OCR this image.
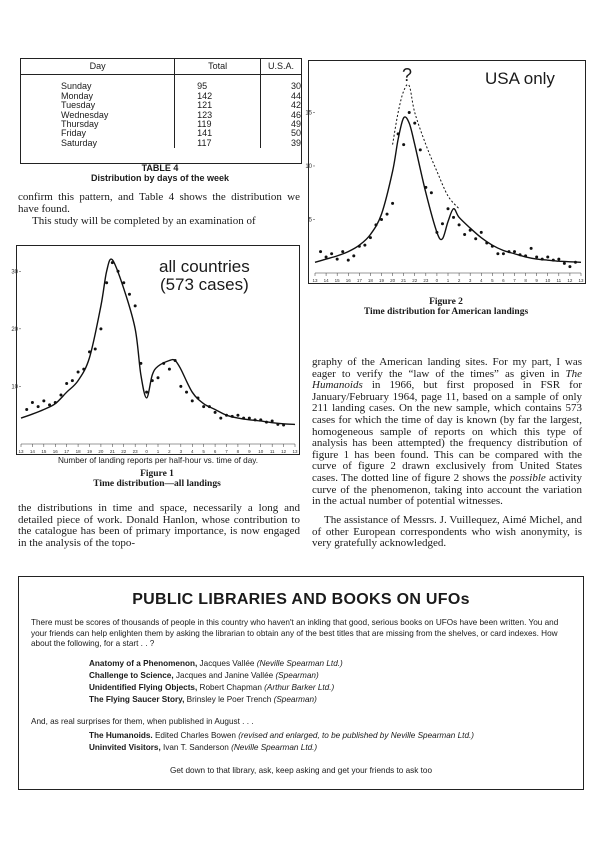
Day	Total	U.S.A.
Sunday	95	30
Monday	142	44
Tuesday	121	42
Wednesday	123	46
Thursday	119	49
Friday	141	50
Saturday	117	39
TABLE 4
Distribution by days of the week
confirm this pattern, and Table 4 shows the distribution we have found.
This study will be completed by an examination of
13 14 15 16 17 18 19 20 21 22 23 0 1 2 3 4 5 6 7 8 9 10 11 12 13
10
20
30	all countries
(573 cases)
Number of landing reports per half-hour vs. time of day.
Figure 1
Time distribution—all landings
the distributions in time and space, necessarily a long and detailed piece of work. Donald Hanlon, whose contribution to the catalogue has been of primary importance, is now engaged in the analysis of the topo-
13 14 15 16 17 18 19 20 21 22 23 0 1 2 3 4 5 6 7 8 9 10 11 12 13
5
10
15
USA only
?
Figure 2
Time distribution for American landings
graphy of the American landing sites. For my part, I was eager to verify the “law of the times” as given in The Humanoids in 1966, but first proposed in FSR for January/February 1964, page 11, based on a sample of only 211 landing cases. On the new sample, which contains 573 cases for which the time of day is known (by far the largest, homogeneous sample of reports on which this type of analysis has been attempted) the frequency distribution of figure 1 has been found. This can be compared with the curve of figure 2 drawn exclusively from United States cases. The dotted line of figure 2 shows the possible activity curve of the phenomenon, taking into account the variation in the actual number of potential witnesses.
The assistance of Messrs. J. Vuillequez, Aimé Michel, and of other European correspondents who wish anonymity, is very gratefully acknowledged.
PUBLIC LIBRARIES AND BOOKS ON UFOs
There must be scores of thousands of people in this country who haven't an inkling that good, serious books on UFOs have been written. You and your friends can help enlighten them by asking the librarian to obtain any of the best titles that are missing from the shelves, or card indexes. How about the following, for a start . . ?
Anatomy of a Phenomenon, Jacques Vallée (Neville Spearman Ltd.)
Challenge to Science, Jacques and Janine Vallée (Spearman)
Unidentified Flying Objects, Robert Chapman (Arthur Barker Ltd.)
The Flying Saucer Story, Brinsley le Poer Trench (Spearman)
And, as real surprises for them, when published in August . . .
The Humanoids. Edited Charles Bowen (revised and enlarged, to be published by Neville Spearman Ltd.)
Uninvited Visitors, Ivan T. Sanderson (Neville Spearman Ltd.)
Get down to that library, ask, keep asking and get your friends to ask too
